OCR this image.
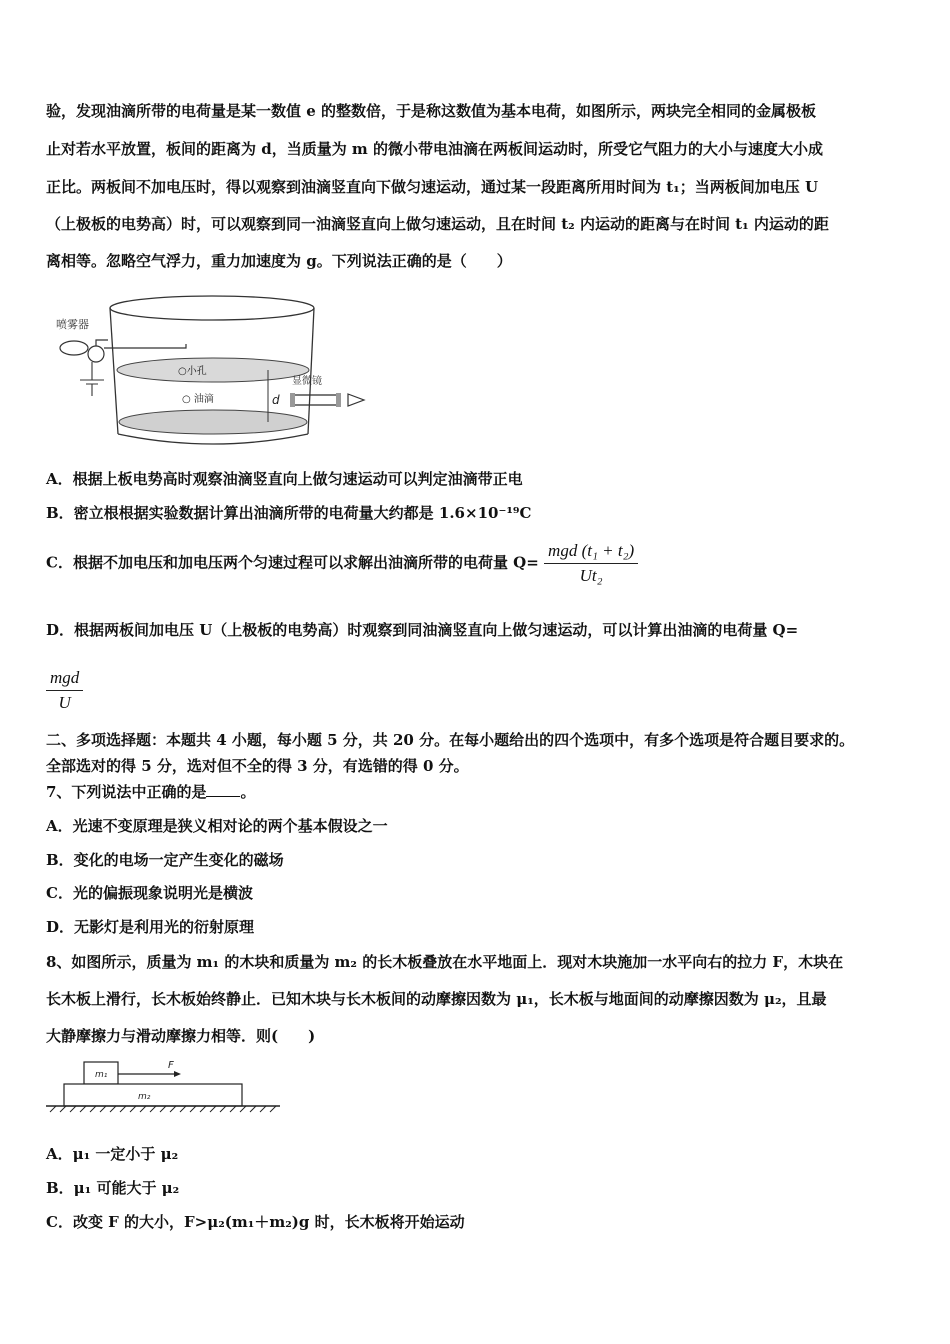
验，发现油滴所带的电荷量是某一数值 e 的整数倍，于是称这数值为基本电荷，如图所示，两块完全相同的金属极板
止对若水平放置，板间的距离为 d，当质量为 m 的微小带电油滴在两板间运动时，所受它气阻力的大小与速度大小成
正比。两板间不加电压时，得以观察到油滴竖直向下做匀速运动，通过某一段距离所用时间为 t₁；当两板间加电压 U
（上极板的电势高）时，可以观察到同一油滴竖直向上做匀速运动，且在时间 t₂ 内运动的距离与在时间 t₁ 内运动的距
离相等。忽略空气浮力，重力加速度为 g。下列说法正确的是（　　）
喷雾器
○小孔
○ 油滴	d
显微镜
A．根据上板电势高时观察油滴竖直向上做匀速运动可以判定油滴带正电
B．密立根根据实验数据计算出油滴所带的电荷量大约都是 1.6×10⁻¹⁹C
C．根据不加电压和加电压两个匀速过程可以求解出油滴所带的电荷量 $Q= \frac{\text{mgd (t₁ + t₂)}}{\text{Ut₂}}$
D．根据两板间加电压 U（上极板的电势高）时观察到同油滴竖直向上做匀速运动，可以计算出油滴的电荷量 Q=
$\frac{\text{mgd}}{U}$
二、多项选择题：本题共 4 小题，每小题 5 分，共 20 分。在每小题给出的四个选项中，有多个选项是符合题目要求的。
全部选对的得 5 分，选对但不全的得 3 分，有选错的得 0 分。
7、下列说法中正确的是 。
A．光速不变原理是狭义相对论的两个基本假设之一
B．变化的电场一定产生变化的磁场
C．光的偏振现象说明光是横波
D．无影灯是利用光的衍射原理
8、如图所示，质量为 m₁ 的木块和质量为 m₂ 的长木板叠放在水平地面上．现对木块施加一水平向右的拉力 F，木块在
长木板上滑行，长木板始终静止．已知木块与长木板间的动摩擦因数为 μ₁，长木板与地面间的动摩擦因数为 μ₂，且最
大静摩擦力与滑动摩擦力相等．则(　　)
m₁
F
m₂
A．μ₁ 一定小于 μ₂
B．μ₁ 可能大于 μ₂
C．改变 F 的大小，F>μ₂(m₁＋m₂)g 时，长木板将开始运动
